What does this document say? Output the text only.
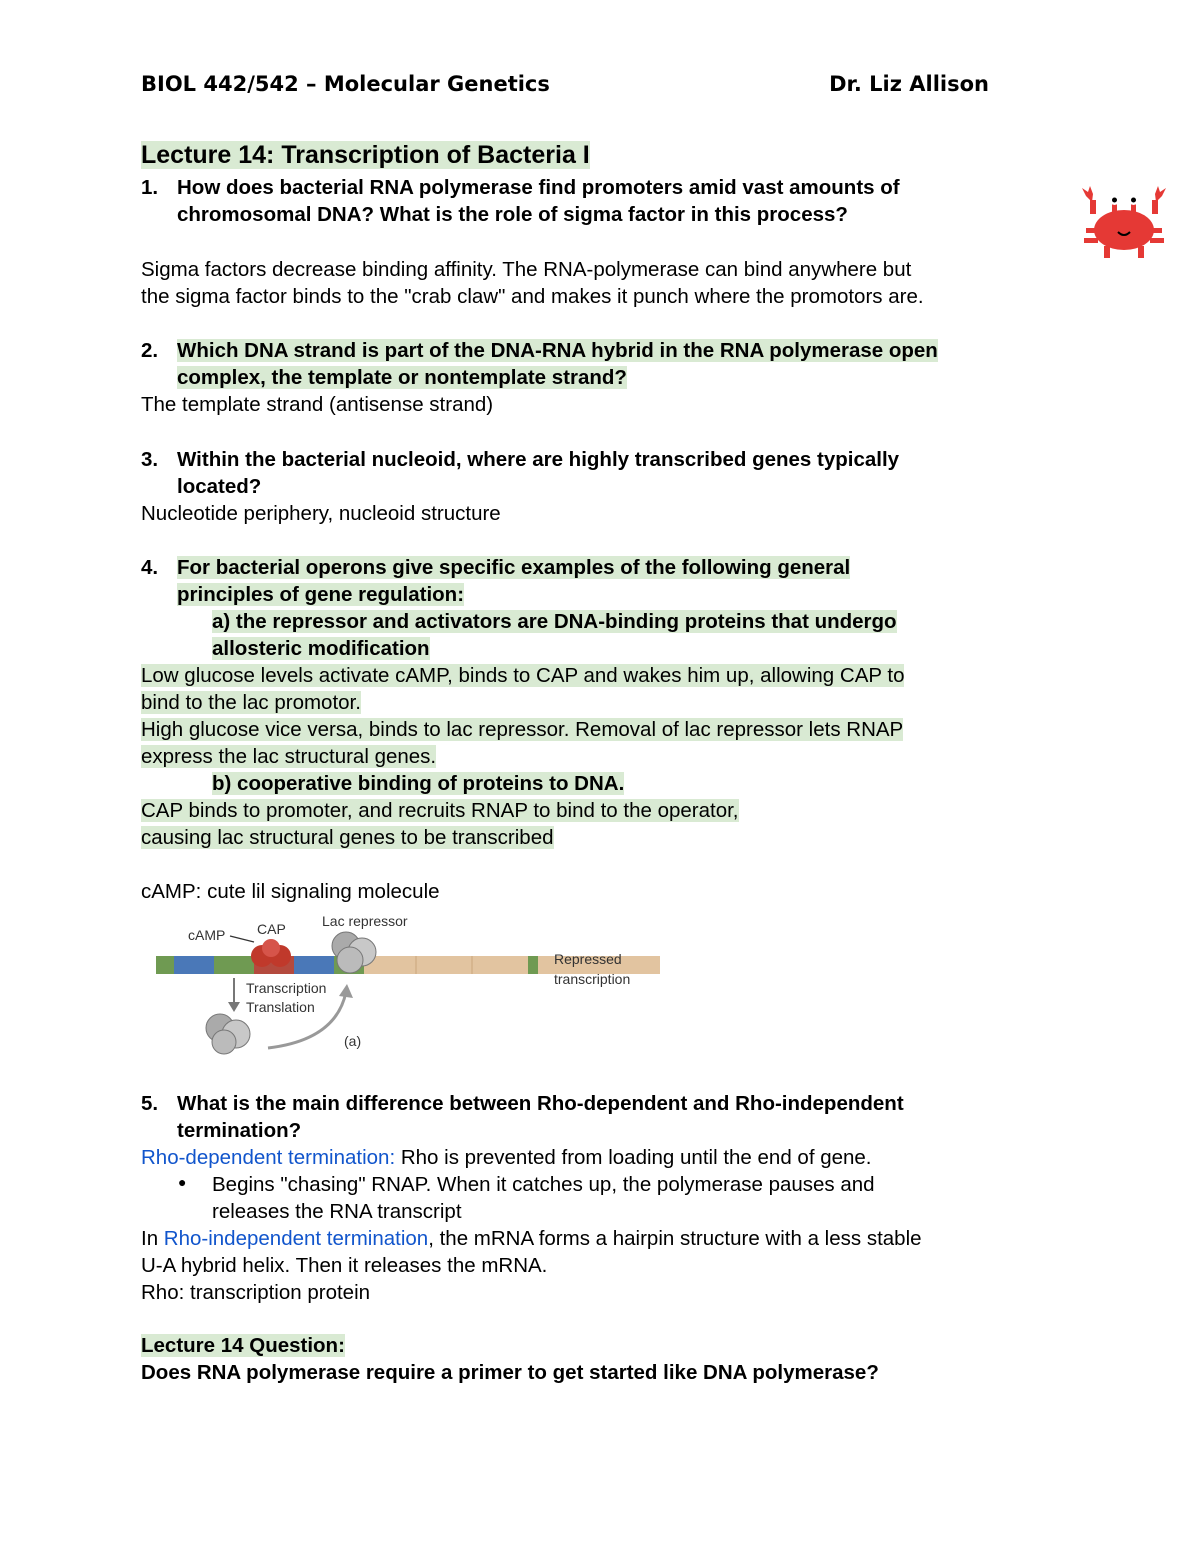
BIOL 442/542 – Molecular Genetics	Dr. Liz Allison
Lecture 14: Transcription of Bacteria I
1. How does bacterial RNA polymerase find promoters amid vast amounts of
chromosomal DNA? What is the role of sigma factor in this process?
Sigma factors decrease binding affinity. The RNA-polymerase can bind anywhere but
the sigma factor binds to the "crab claw" and makes it punch where the promotors are.
2. Which DNA strand is part of the DNA-RNA hybrid in the RNA polymerase open
complex, the template or nontemplate strand?
The template strand (antisense strand)
3. Within the bacterial nucleoid, where are highly transcribed genes typically
located?
Nucleotide periphery, nucleoid structure
4. For bacterial operons give specific examples of the following general
principles of gene regulation:
a) the repressor and activators are DNA-binding proteins that undergo
allosteric modification
Low glucose levels activate cAMP, binds to CAP and wakes him up, allowing CAP to
bind to the lac promotor.
High glucose vice versa, binds to lac repressor. Removal of lac repressor lets RNAP
express the lac structural genes.
b) cooperative binding of proteins to DNA.
CAP binds to promoter, and recruits RNAP to bind to the operator,
causing lac structural genes to be transcribed
cAMP: cute lil signaling molecule
cAMP CAP	Lac repressor
Repressed
transcription
Transcription
Translation
(a)
5. What is the main difference between Rho-dependent and Rho-independent
termination?
Rho-dependent termination: Rho is prevented from loading until the end of gene.
● Begins "chasing" RNAP. When it catches up, the polymerase pauses and
releases the RNA transcript
In Rho-independent termination, the mRNA forms a hairpin structure with a less stable
U-A hybrid helix. Then it releases the mRNA.
Rho: transcription protein
Lecture 14 Question:
Does RNA polymerase require a primer to get started like DNA polymerase?
